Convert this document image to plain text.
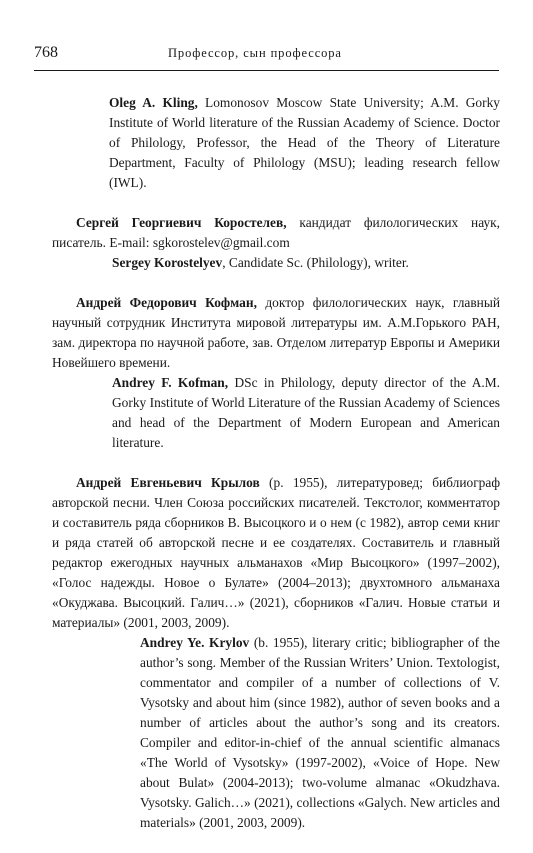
768	Профессор, сын профессора

Oleg A. Kling, Lomonosov Moscow State University; A.M. Gorky Institute of World literature of the Russian Academy of Science. Doctor of Philology, Professor, the Head of the Theory of Literature Department, Faculty of Philology (MSU); leading research fellow (IWL).

Сергей Георгиевич Коростелев, кандидат филологических наук, писатель. E-mail: sgkorostelev@gmail.com

Sergey Korostelyev, Candidate Sc. (Philology), writer.

Андрей Федорович Кофман, доктор филологических наук, главный научный сотрудник Института мировой литературы им. А.М.Горького РАН, зам. директора по научной работе, зав. Отделом литератур Европы и Америки Новейшего времени.

Andrey F. Kofman, DSc in Philology, deputy director of the A.M. Gorky Institute of World Literature of the Russian Academy of Sciences and head of the Department of Modern European and American literature.

Андрей Евгеньевич Крылов (р. 1955), литературовед; библиограф авторской песни. Член Союза российских писателей. Текстолог, комментатор и составитель ряда сборников В. Высоцкого и о нем (с 1982), автор семи книг и ряда статей об авторской песне и ее создателях. Составитель и главный редактор ежегодных научных альманахов «Мир Высоцкого» (1997–2002), «Голос надежды. Новое о Булате» (2004–2013); двухтомного альманаха «Окуджава. Высоцкий. Галич…» (2021), сборников «Галич. Новые статьи и материалы» (2001, 2003, 2009).

Andrey Ye. Krylov (b. 1955), literary critic; bibliographer of the author’s song. Member of the Russian Writers’ Union. Textologist, commentator and compiler of a number of collections of V. Vysotsky and about him (since 1982), author of seven books and a number of articles about the author’s song and its creators. Compiler and editor-in-chief of the annual scientific almanacs «The World of Vysotsky» (1997-2002), «Voice of Hope. New about Bulat» (2004-2013); two-volume almanac «Okudzhava. Vysotsky. Galich…» (2021), collections «Galych. New articles and materials» (2001, 2003, 2009).
